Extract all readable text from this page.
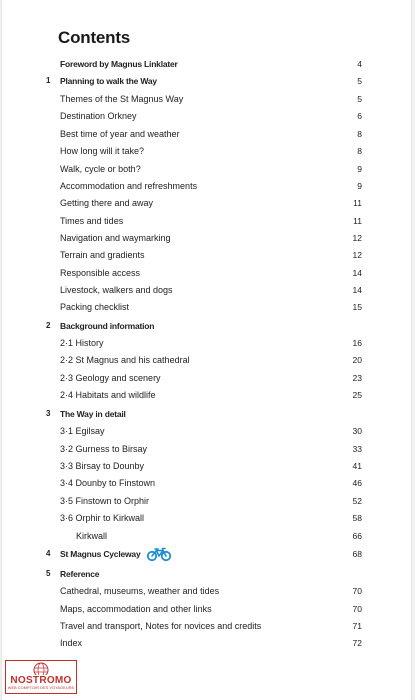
Contents
Foreword by Magnus Linklater	4
1 Planning to walk the Way	5
Themes of the St Magnus Way	5
Destination Orkney	6
Best time of year and weather	8
How long will it take?	8
Walk, cycle or both?	9
Accommodation and refreshments	9
Getting there and away	11
Times and tides	11
Navigation and waymarking	12
Terrain and gradients	12
Responsible access	14
Livestock, walkers and dogs	14
Packing checklist	15
2 Background information
2·1 History	16
2·2 St Magnus and his cathedral	20
2·3 Geology and scenery	23
2·4 Habitats and wildlife	25
3 The Way in detail
3·1 Egilsay	30
3·2 Gurness to Birsay	33
3·3 Birsay to Dounby	41
3·4 Dounby to Finstown	46
3·5 Finstown to Orphir	52
3·6 Orphir to Kirkwall	58
Kirkwall	66
4 St Magnus Cycleway	68
5 Reference
Cathedral, museums, weather and tides	70
Maps, accommodation and other links	70
Travel and transport, Notes for novices and credits	71
Index	72
NOSTROMO
WEB COMPTOIR DES VOYAGEURS
